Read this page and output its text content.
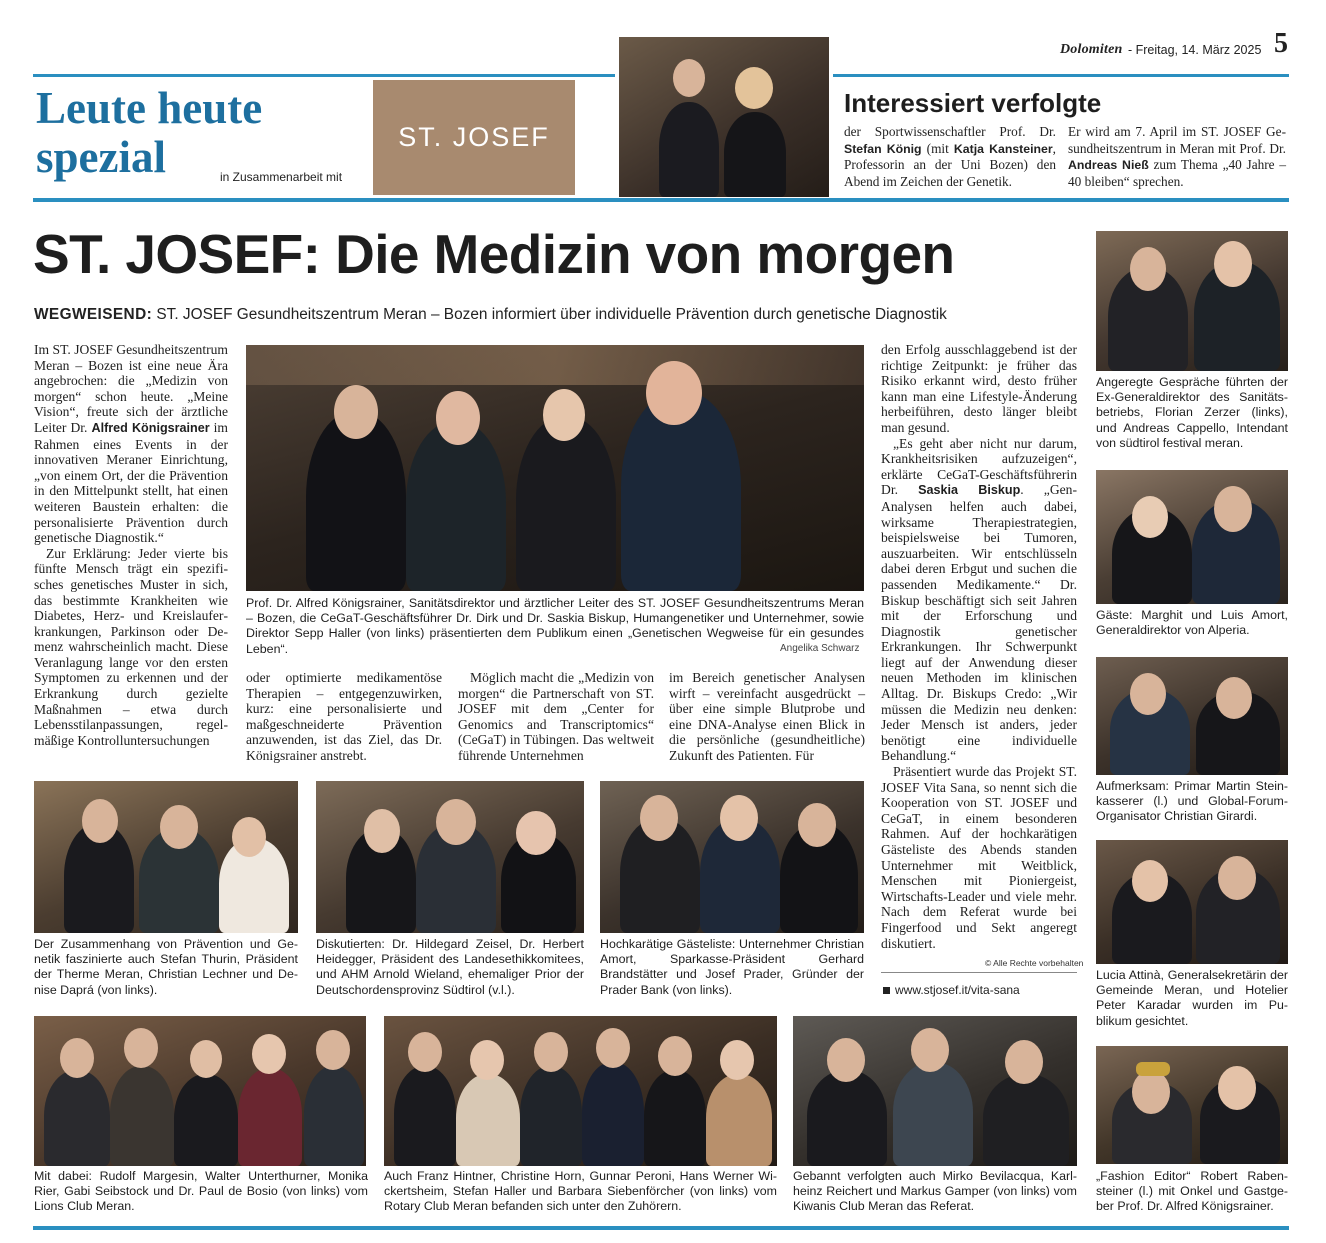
Dolomiten - Freitag, 14. März 2025 5
Leute heute
spezial	in Zusammenarbeit mit
ST. JOSEF
Interessiert verfolgte
der Sportwissenschaftler Prof. Dr. Stefan König (mit Katja Kansteiner, Professorin an der Uni Bozen) den Abend im Zeichen der Genetik.
Er wird am 7. April im ST. JOSEF Gesundheitszentrum in Meran mit Prof. Dr. Andreas Nieß zum Thema „40 Jahre – 40 bleiben“ sprechen.
ST. JOSEF: Die Medizin von morgen
WEGWEISEND: ST. JOSEF Gesundheitszentrum Meran – Bozen informiert über individuelle Prävention durch genetische Diagnostik
Prof. Dr. Alfred Königsrainer, Sanitätsdirektor und ärztlicher Leiter des ST. JOSEF Gesundheitszentrums Meran – Bozen, die CeGaT-Geschäftsführer Dr. Dirk und Dr. Saskia Biskup, Humangenetiker und Unternehmer, sowie Direktor Sepp Haller (von links) präsentierten dem Publikum einen „Genetischen Wegweise für ein gesundes Leben“.	Angelika Schwarz

Im ST. JOSEF Gesundheitszentrum Meran – Bozen ist eine neue Ära angebrochen: die „Medizin von morgen“ schon heute. „Meine Vision“, freute sich der ärztliche Leiter Dr. Alfred Königsrainer im Rahmen eines Events in der innovativen Meraner Einrichtung, „von einem Ort, der die Prävention in den Mittelpunkt stellt, hat einen weiteren Baustein erhalten: die personalisierte Prävention durch genetische Diagnostik.“

Zur Erklärung: Jeder vierte bis fünfte Mensch trägt ein spezifisches genetisches Muster in sich, das bestimmte Krankheiten wie Diabetes, Herz- und Kreislauferkrankungen, Parkinson oder Demenz wahrscheinlich macht. Diese Veranlagung lange vor den ersten Symptomen zu erkennen und der Erkrankung durch gezielte Maßnahmen – etwa durch Lebensstilanpassungen, regelmäßige Kontrolluntersuchungen

oder optimierte medikamentöse Therapien – entgegenzuwirken, kurz: eine personalisierte und maßgeschneiderte Prävention anzuwenden, ist das Ziel, das Dr. Königsrainer anstrebt.

Möglich macht die „Medizin von morgen“ die Partnerschaft von ST. JOSEF mit dem „Center for Genomics and Transcriptomics“ (CeGaT) in Tübingen. Das weltweit führende Unternehmen

im Bereich genetischer Analysen wirft – vereinfacht ausgedrückt – über eine simple Blutprobe und eine DNA-Analyse einen Blick in die persönliche (gesundheitliche) Zukunft des Patienten. Für

den Erfolg ausschlaggebend ist der richtige Zeitpunkt: je früher das Risiko erkannt wird, desto früher kann man eine Lifestyle-Änderung herbeiführen, desto länger bleibt man gesund.

„Es geht aber nicht nur darum, Krankheitsrisiken aufzuzeigen“, erklärte CeGaT-Geschäftsführerin Dr. Saskia Biskup. „Gen-Analysen helfen auch dabei, wirksame Therapiestrategien, beispielsweise bei Tumoren, auszuarbeiten. Wir entschlüsseln dabei deren Erbgut und suchen die passenden Medikamente.“ Dr. Biskup beschäftigt sich seit Jahren mit der Erforschung und Diagnostik genetischer Erkrankungen. Ihr Schwerpunkt liegt auf der Anwendung dieser neuen Methoden im klinischen Alltag. Dr. Biskups Credo: „Wir müssen die Medizin neu denken: Jeder Mensch ist anders, jeder benötigt eine individuelle Behandlung.“

Präsentiert wurde das Projekt ST. JOSEF Vita Sana, so nennt sich die Kooperation von ST. JOSEF und CeGaT, in einem besonderen Rahmen. Auf der hochkarätigen Gästeliste des Abends standen Unternehmer mit Weitblick, Menschen mit Pioniergeist, Wirtschafts-Leader und viele mehr. Nach dem Referat wurde bei Fingerfood und Sekt angeregt diskutiert.

© Alle Rechte vorbehalten
www.stjosef.it/vita-sana
Der Zusammenhang von Prävention und Genetik faszinierte auch Stefan Thurin, Präsident der Therme Meran, Christian Lechner und Denise Daprá (von links).
Diskutierten: Dr. Hildegard Zeisel, Dr. Herbert Heidegger, Präsident des Landesethikkomitees, und AHM Arnold Wieland, ehemaliger Prior der Deutschordensprovinz Südtirol (v.l.).
Hochkarätige Gästeliste: Unternehmer Christian Amort, Sparkasse-Präsident Gerhard Brandstätter und Josef Prader, Gründer der Prader Bank (von links).
Mit dabei: Rudolf Margesin, Walter Unterthurner, Monika Rier, Gabi Seibstock und Dr. Paul de Bosio (von links) vom Lions Club Meran.
Auch Franz Hintner, Christine Horn, Gunnar Peroni, Hans Werner Wickertsheim, Stefan Haller und Barbara Siebenförcher (von links) vom Rotary Club Meran befanden sich unter den Zuhörern.
Gebannt verfolgten auch Mirko Bevilacqua, Karlheinz Reichert und Markus Gamper (von links) vom Kiwanis Club Meran das Referat.
Angeregte Gespräche führten der Ex-Generaldirektor des Sanitätsbetriebs, Florian Zerzer (links), und Andreas Cappello, Intendant von südtirol festival meran.
Gäste: Marghit und Luis Amort, Generaldirektor von Alperia.
Aufmerksam: Primar Martin Steinkasserer (l.) und Global-Forum-Organisator Christian Girardi.
Lucia Attinà, Generalsekretärin der Gemeinde Meran, und Hotelier Peter Karadar wurden im Publikum gesichtet.
„Fashion Editor“ Robert Rabensteiner (l.) mit Onkel und Gastgeber Prof. Dr. Alfred Königsrainer.
